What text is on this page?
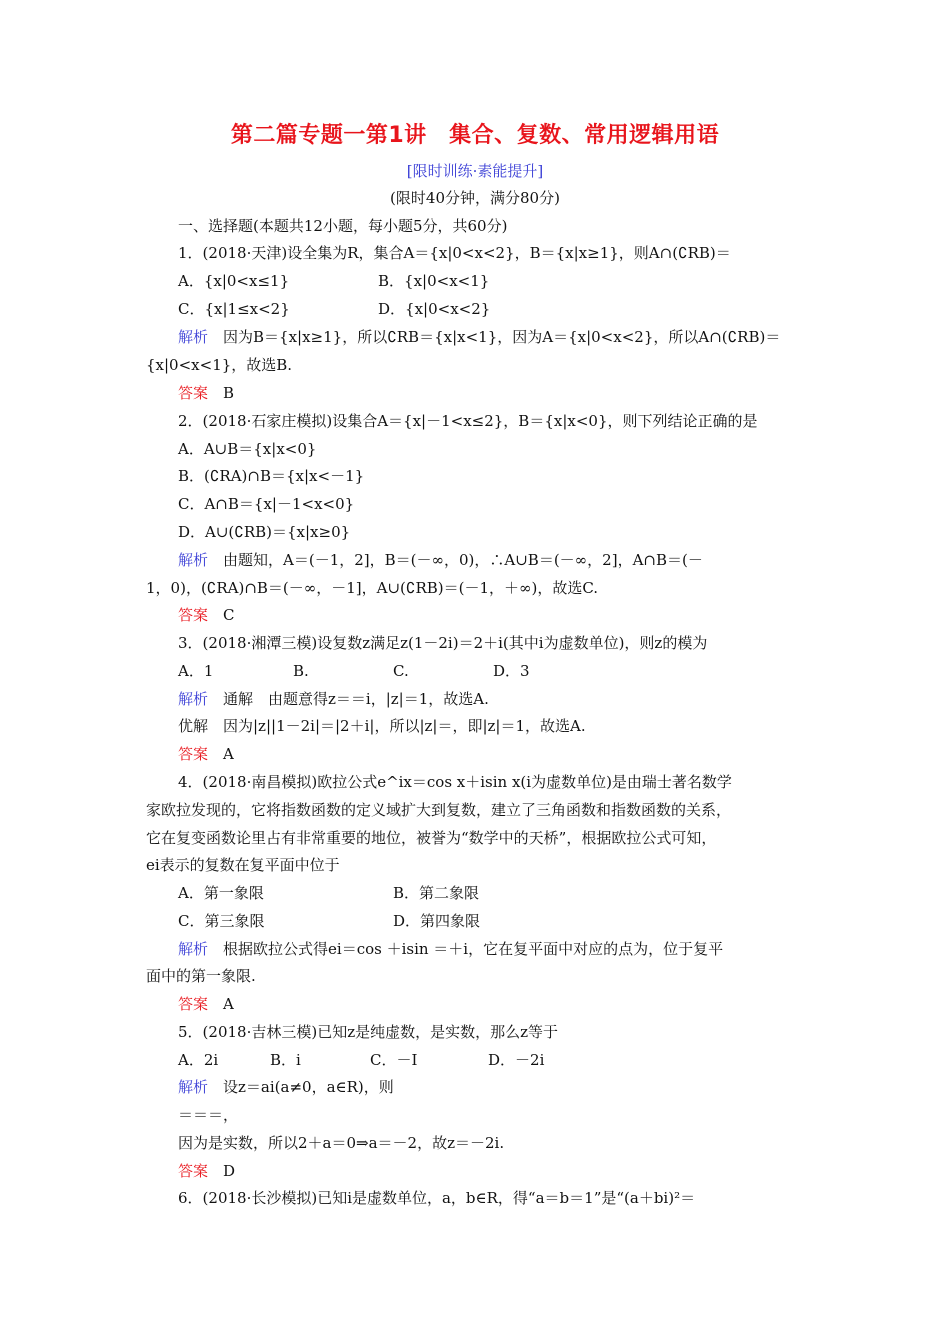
第二篇专题一第1讲　集合、复数、常用逻辑用语
[限时训练·素能提升]
(限时40分钟，满分80分)
一、选择题(本题共12小题，每小题5分，共60分)
1．(2018·天津)设全集为R，集合A＝{x|0<x<2}，B＝{x|x≥1}，则A∩(∁RB)＝
A．{x|0<x≤1}	B．{x|0<x<1}
C．{x|1≤x<2}	D．{x|0<x<2}
解析　因为B＝{x|x≥1}，所以∁RB＝{x|x<1}，因为A＝{x|0<x<2}，所以A∩(∁RB)＝
{x|0<x<1}，故选B.
答案　B
2．(2018·石家庄模拟)设集合A＝{x|－1<x≤2}，B＝{x|x<0}，则下列结论正确的是
A．A∪B＝{x|x<0}
B．(∁RA)∩B＝{x|x<－1}
C．A∩B＝{x|－1<x<0}
D．A∪(∁RB)＝{x|x≥0}
解析　由题知，A＝(－1，2]，B＝(－∞，0)，∴A∪B＝(－∞，2]，A∩B＝(－
1，0)，(∁RA)∩B＝(－∞，－1]，A∪(∁RB)＝(－1，＋∞)，故选C.
答案　C
3．(2018·湘潭三模)设复数z满足z(1－2i)＝2＋i(其中i为虚数单位)，则z的模为
A．1	B.	C.	D．3
解析　通解　由题意得z＝＝i，|z|＝1，故选A.
优解　因为|z||1－2i|＝|2＋i|，所以|z|＝，即|z|＝1，故选A.
答案　A
4．(2018·南昌模拟)欧拉公式e^ix＝cos x＋isin x(i为虚数单位)是由瑞士著名数学
家欧拉发现的，它将指数函数的定义域扩大到复数，建立了三角函数和指数函数的关系，
它在复变函数论里占有非常重要的地位，被誉为“数学中的天桥”，根据欧拉公式可知，
ei表示的复数在复平面中位于
A．第一象限	B．第二象限
C．第三象限	D．第四象限
解析　根据欧拉公式得ei＝cos ＋isin ＝＋i，它在复平面中对应的点为，位于复平
面中的第一象限.
答案　A
5．(2018·吉林三模)已知z是纯虚数，是实数，那么z等于
A．2i	B．i	C．－I	D．－2i
解析　设z＝ai(a≠0，a∈R)，则
＝＝＝，
因为是实数，所以2＋a＝0⇒a＝－2，故z＝－2i.
答案　D
6．(2018·长沙模拟)已知i是虚数单位，a，b∈R，得“a＝b＝1”是“(a＋bi)²＝
